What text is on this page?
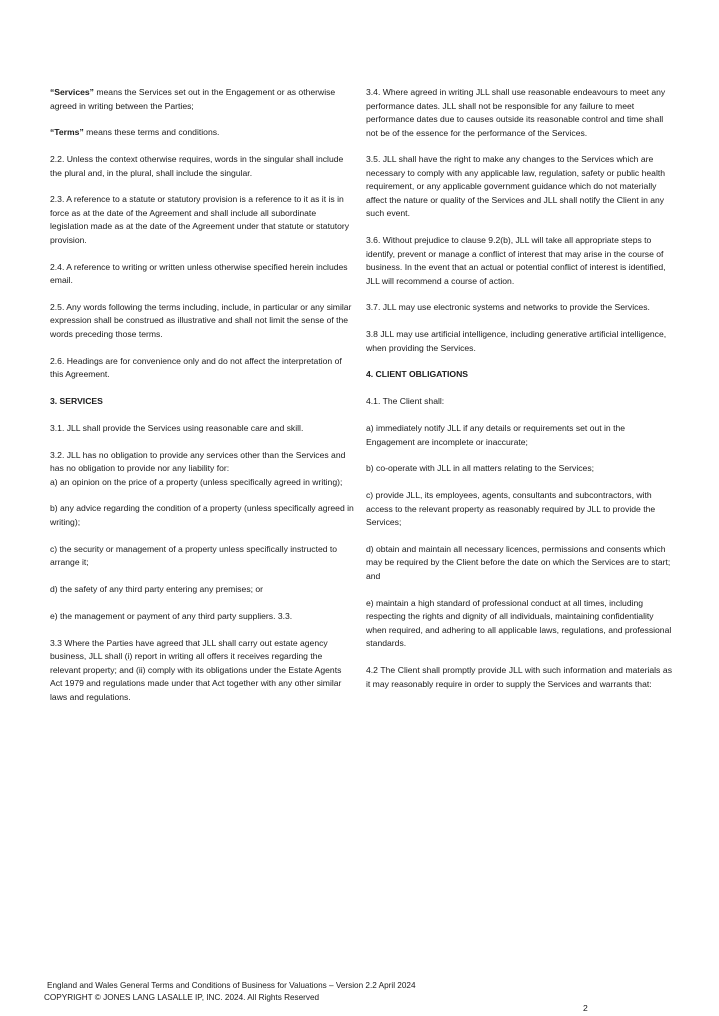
“Services” means the Services set out in the Engagement or as otherwise agreed in writing between the Parties;

“Terms” means these terms and conditions.

2.2. Unless the context otherwise requires, words in the singular shall include the plural and, in the plural, shall include the singular.

2.3. A reference to a statute or statutory provision is a reference to it as it is in force as at the date of the Agreement and shall include all subordinate legislation made as at the date of the Agreement under that statute or statutory provision.

2.4. A reference to writing or written unless otherwise specified herein includes email.

2.5. Any words following the terms including, include, in particular or any similar expression shall be construed as illustrative and shall not limit the sense of the words preceding those terms.

2.6. Headings are for convenience only and do not affect the interpretation of this Agreement.

3. SERVICES

3.1. JLL shall provide the Services using reasonable care and skill.

3.2. JLL has no obligation to provide any services other than the Services and has no obligation to provide nor any liability for:

a) an opinion on the price of a property (unless specifically agreed in writing);

b) any advice regarding the condition of a property (unless specifically agreed in writing);

c) the security or management of a property unless specifically instructed to arrange it;

d) the safety of any third party entering any premises; or

e) the management or payment of any third party suppliers. 3.3.

3.3 Where the Parties have agreed that JLL shall carry out estate agency business, JLL shall (i) report in writing all offers it receives regarding the relevant property; and (ii) comply with its obligations under the Estate Agents Act 1979 and regulations made under that Act together with any other similar laws and regulations.

3.4. Where agreed in writing JLL shall use reasonable endeavours to meet any performance dates. JLL shall not be responsible for any failure to meet performance dates due to causes outside its reasonable control and time shall not be of the essence for the performance of the Services.

3.5. JLL shall have the right to make any changes to the Services which are necessary to comply with any applicable law, regulation, safety or public health requirement, or any applicable government guidance which do not materially affect the nature or quality of the Services and JLL shall notify the Client in any such event.

3.6. Without prejudice to clause 9.2(b), JLL will take all appropriate steps to identify, prevent or manage a conflict of interest that may arise in the course of business. In the event that an actual or potential conflict of interest is identified, JLL will recommend a course of action.

3.7. JLL may use electronic systems and networks to provide the Services.

3.8 JLL may use artificial intelligence, including generative artificial intelligence, when providing the Services.

4. CLIENT OBLIGATIONS

4.1. The Client shall:

a) immediately notify JLL if any details or requirements set out in the Engagement are incomplete or inaccurate;

b) co-operate with JLL in all matters relating to the Services;

c) provide JLL, its employees, agents, consultants and subcontractors, with access to the relevant property as reasonably required by JLL to provide the Services;

d) obtain and maintain all necessary licences, permissions and consents which may be required by the Client before the date on which the Services are to start; and

e) maintain a high standard of professional conduct at all times, including respecting the rights and dignity of all individuals, maintaining confidentiality when required, and adhering to all applicable laws, regulations, and professional standards.

4.2 The Client shall promptly provide JLL with such information and materials as it may reasonably require in order to supply the Services and warrants that:

England and Wales General Terms and Conditions of Business for Valuations – Version 2.2 April 2024
COPYRIGHT © JONES LANG LASALLE IP, INC. 2024. All Rights Reserved
2
